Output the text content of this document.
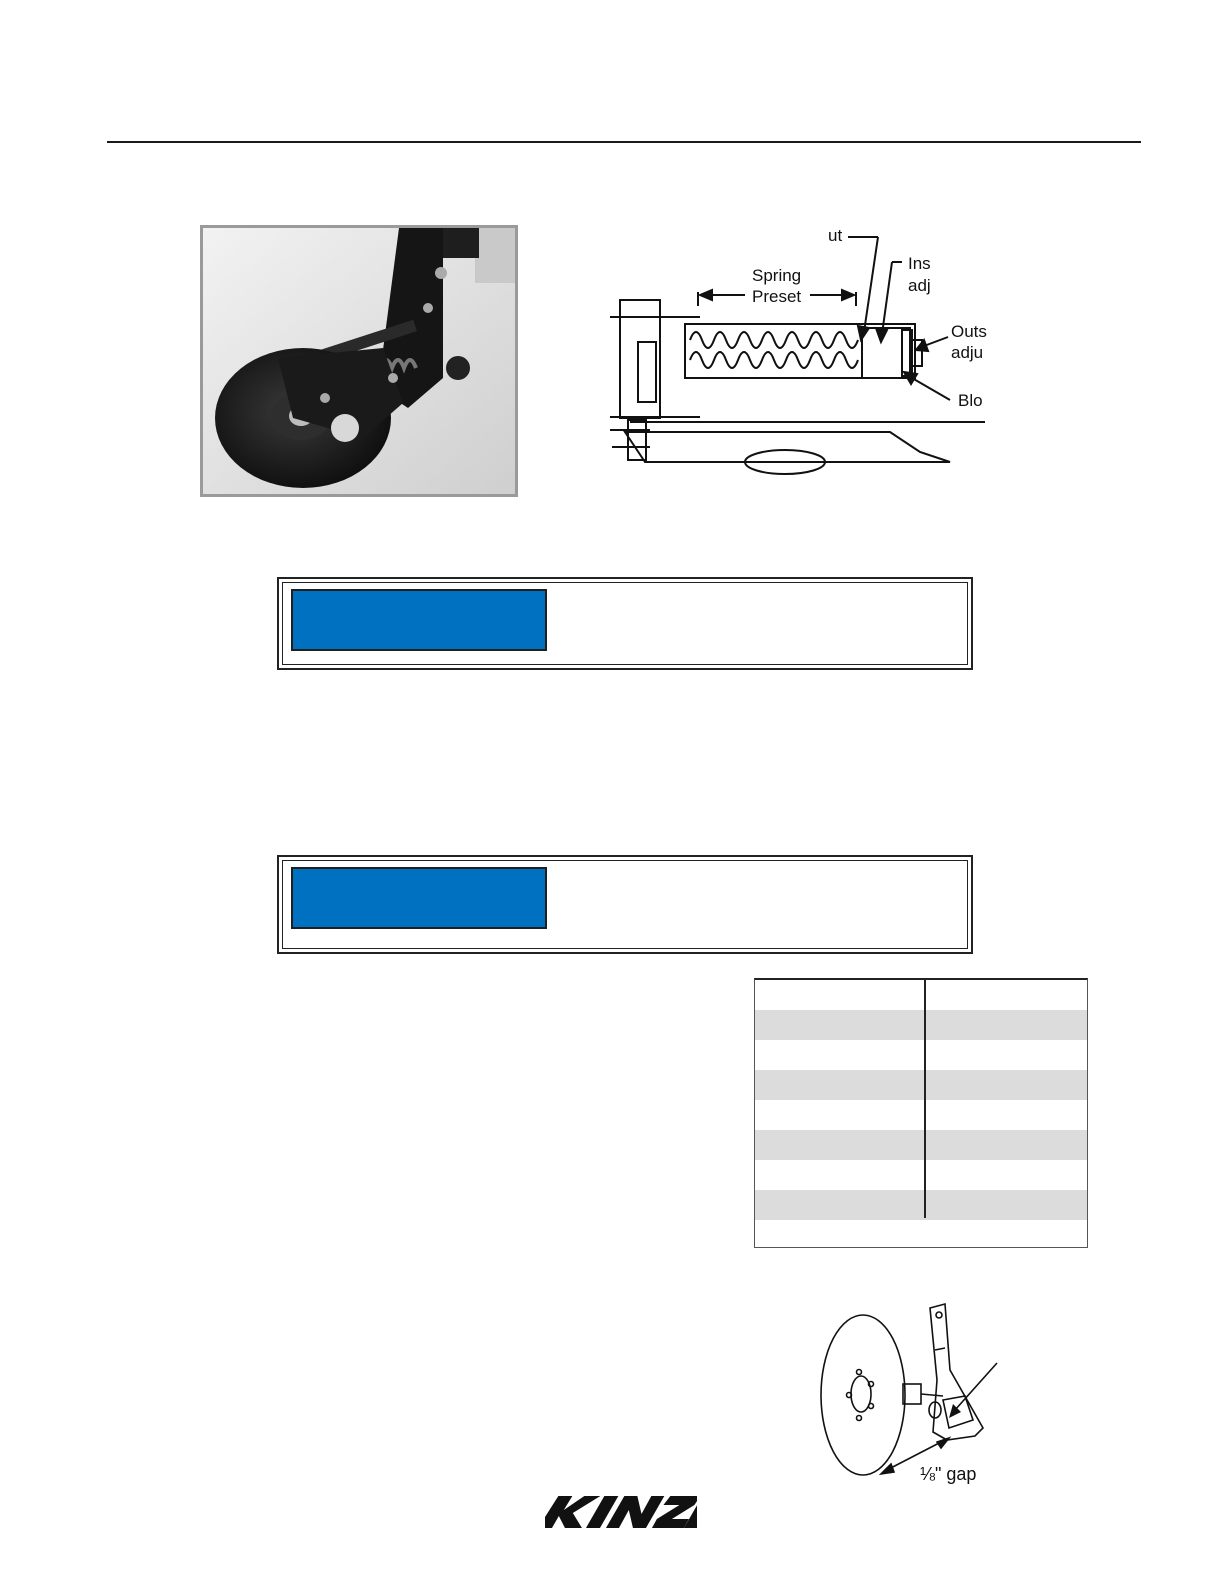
ut
Ins
adj
Spring
Preset
Outs
adju
Blo
⅛" gap
